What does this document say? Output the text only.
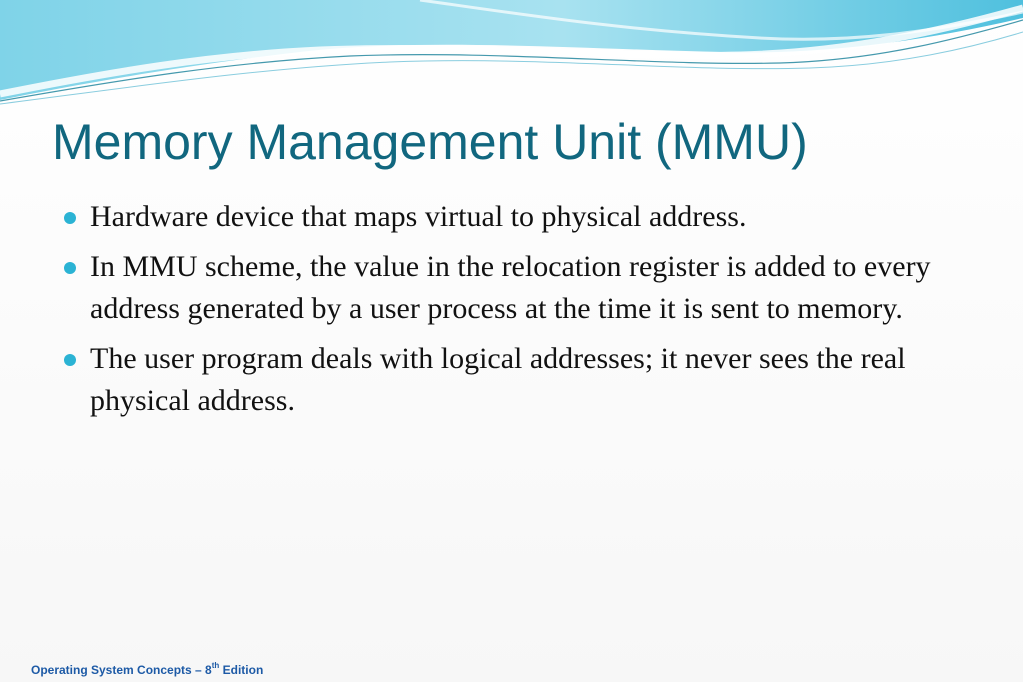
Memory Management Unit (MMU)
Hardware device that maps virtual to physical address.
In MMU scheme, the value in the relocation register is added to every address generated by a user process at the time it is sent to memory.
The user program deals with logical addresses; it never sees the real physical address.
Operating System Concepts – 8th Edition
